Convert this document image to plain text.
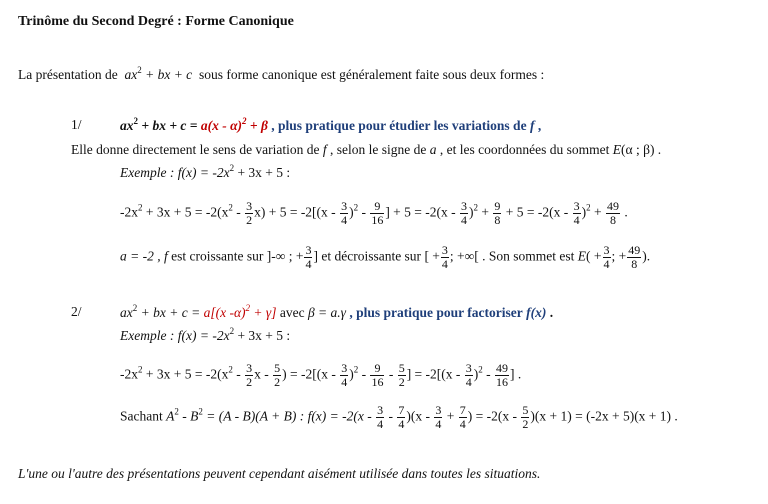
Trinôme du Second Degré : Forme Canonique
La présentation de $ax^2$ + bx + c sous forme canonique est généralement faite sous deux formes :
1/	$ax^2$ + bx + c = a(x - α)$^2$ + β , plus pratique pour étudier les variations de f ,
Elle donne directement le sens de variation de f , selon le signe de a , et les coordonnées du sommet E(α ; β) .
Exemple : $f(x) = -2x^2 + 3x + 5$ :
$-2x^2 + 3x + 5 = -2(x^2 - \frac{3}{2} x) + 5 = -2[(x - \frac{3}{4} )^2 - \frac{9}{16}$ ] + $5 = -2(x - \frac{3}{4} )^2 + \frac{9}{8} + 5 = -2(x - \frac{3}{4} )^2 + \frac{49}{8}$ .
a = -2 , f est croissante sur ]-∞ ; + $\frac{3}{4}$ ] et décroissante sur [ + $\frac{3}{4}$ ; +∞[ . Son sommet est $E( + \frac{3}{4}$ ; + $\frac{49}{8}$ ).
2/	$ax^2$ + bx + c = a[(x -α)$^2$ + γ] avec β = a.γ , plus pratique pour factoriser f(x) .
Exemple : $f(x) = -2x^2 + 3x + 5$ :
$-2x^2 + 3x + 5 = -2(x^2 - \frac{3}{2}$ x - $\frac{5}{2}$ ) = $-2[(x - \frac{3}{4} )^2 - \frac{9}{16} - \frac{5}{2}$ ] = $-2[(x - \frac{3}{4} )^2 - \frac{49}{16}$ ] .
Sachant $A^2 - B^2 = (A - B)(A + B)$ : $f(x) = -2(x - \frac{3}{4} - \frac{7}{4} )(x - \frac{3}{4} + \frac{7}{4}$ ) = $-2(x - \frac{5}{2} )(x + 1) = (-2x + 5)(x + 1)$ .
L'une ou l'autre des présentations peuvent cependant aisément utilisée dans toutes les situations.
